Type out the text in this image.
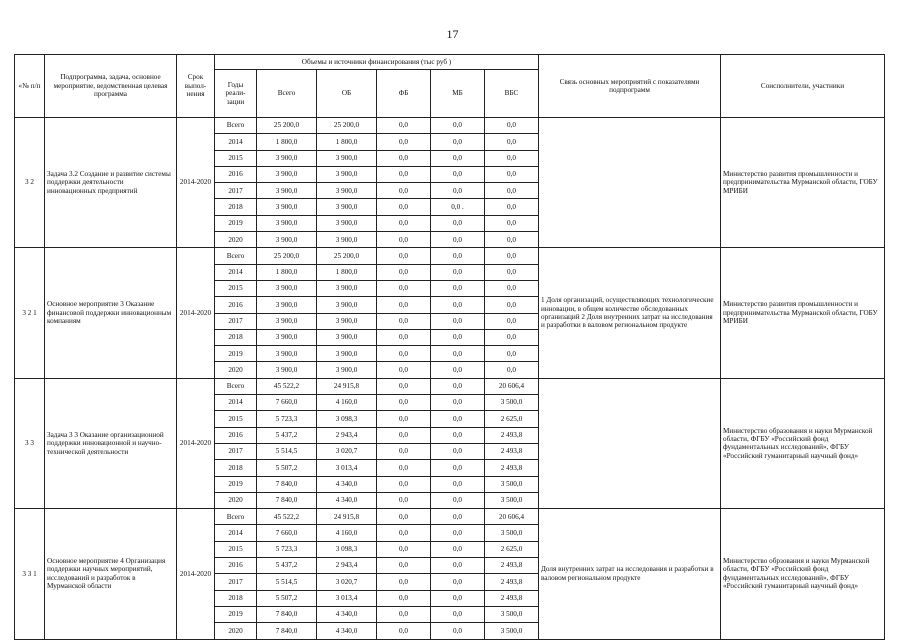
17
«№ п/п	Подпрограмма, задача, основное мероприятие, ведомственная целевая программа	Срок выпол-нения	Объемы и источники финансирования (тыс руб )						Связь основных мероприятий с показателями подпрограмм	Соисполнители, участники
			Годы реали-зации	Всего	ОБ	ФБ	МБ	ВБС		
3 2	Задача 3.2 Создание и развитие системы поддержки деятельности инновационных предприятий	2014-2020	Всего	25 200,0	25 200,0	0,0	0,0	0,0		Министерство развития промышленности и предпринимательства Мурманской области, ГОБУ МРИБИ
			2014	1 800,0	1 800,0	0,0	0,0	0,0		
			2015	3 900,0	3 900,0	0,0	0,0	0,0		
			2016	3 900,0	3 900,0	0,0	0,0	0,0		
			2017	3 900,0	3 900,0	0,0	0,0	0,0		
			2018	3 900,0	3 900,0	0,0	0,0 .	0,0		
			2019	3 900,0	3 900,0	0,0	0,0	0,0		
			2020	3 900,0	3 900,0	0,0	0,0	0,0		
3 2 1	Основное мероприятие 3 Оказание финансовой поддержки инновационным компаниям	2014-2020	Всего	25 200,0	25 200,0	0,0	0,0	0,0	1 Доля организаций, осуществляющих технологические инновации, в общем количестве обследованных организаций 2 Доля внутренних затрат на исследования и разработки в валовом региональном продукте	Министерство развития промышленности и предпринимательства Мурманской области, ГОБУ МРИБИ
			2014	1 800,0	1 800,0	0,0	0,0	0,0		
			2015	3 900,0	3 900,0	0,0	0,0	0,0		
			2016	3 900,0	3 900,0	0,0	0,0	0,0		
			2017	3 900,0	3 900,0	0,0	0,0	0,0		
			2018	3 900,0	3 900,0	0,0	0,0	0,0		
			2019	3 900,0	3 900,0	0,0	0,0	0,0		
			2020	3 900,0	3 900,0	0,0	0,0	0,0		
3 3	Задача 3 3 Оказание организационной поддержки инновационной и научно-технической деятельности	2014-2020	Всего	45 522,2	24 915,8	0,0	0,0	20 606,4		Министерство образования и науки Мурманской области, ФГБУ «Российский фонд фундаментальных исследований», ФГБУ «Российский гуманитарный научный фонд»
			2014	7 660,0	4 160,0	0,0	0,0	3 500,0		
			2015	5 723,3	3 098,3	0,0	0,0	2 625,0		
			2016	5 437,2	2 943,4	0,0	0,0	2 493,8		
			2017	5 514,5	3 020,7	0,0	0,0	2 493,8		
			2018	5 507,2	3 013,4	0,0	0,0	2 493,8		
			2019	7 840,0	4 340,0	0,0	0,0	3 500,0		
			2020	7 840,0	4 340,0	0,0	0,0	3 500,0		
3 3 1	Основное мероприятие 4 Организация поддержки научных мероприятий, исследований и разработок в Мурманской области	2014-2020	Всего	45 522,2	24 915,8	0,0	0,0	20 606,4	Доля внутренних затрат на исследования и разработки в валовом региональном продукте	Министерство обрзования и науки Мурманской области, ФГБУ «Российский фонд фундаментальных исследований», ФГБУ «Российский гуманитарный научный фонд»
			2014	7 660,0	4 160,0	0,0	0,0	3 500,0		
			2015	5 723,3	3 098,3	0,0	0,0	2 625,0		
			2016	5 437,2	2 943,4	0,0	0,0	2 493,8		
			2017	5 514,5	3 020,7	0,0	0,0	2 493,8		
			2018	5 507,2	3 013,4	0,0	0,0	2 493,8		
			2019	7 840,0	4 340,0	0,0	0,0	3 500,0		
			2020	7 840,0	4 340,0	0,0	0,0	3 500,0		
